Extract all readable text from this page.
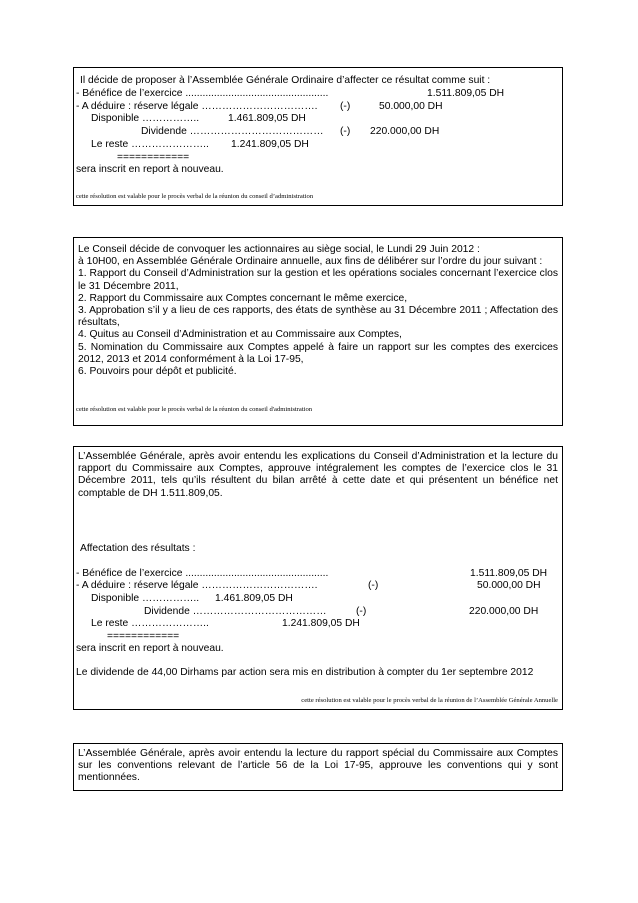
Il décide de proposer à l’Assemblée Générale Ordinaire d’affecter ce résultat comme suit :
- Bénéfice de l’exercice ..................................................	1.511.809,05 DH
- A déduire : réserve légale ……………………………. (-)	50.000,00 DH
Disponible ……………..	1.461.809,05 DH
Dividende ………………………………… (-) 220.000,00 DH
Le reste ………………….. 1.241.809,05 DH
============
sera inscrit en report à nouveau.
cette résolution est valable pour le procès verbal de la réunion du conseil d’administration
Le Conseil décide de convoquer les actionnaires au siège social, le Lundi 29 Juin 2012 :
à 10H00, en Assemblée Générale Ordinaire annuelle, aux fins de délibérer sur l’ordre du jour suivant :
1. Rapport du Conseil d’Administration sur la gestion et les opérations sociales concernant l’exercice clos le 31 Décembre 2011,
2. Rapport du Commissaire aux Comptes concernant le même exercice,
3. Approbation s’il y a lieu de ces rapports, des états de synthèse au 31 Décembre 2011 ; Affectation des résultats,
4. Quitus au Conseil d’Administration et au Commissaire aux Comptes,
5. Nomination du Commissaire aux Comptes appelé à faire un rapport sur les comptes des exercices 2012, 2013 et 2014 conformément à la Loi 17-95,
6. Pouvoirs pour dépôt et publicité.
cette résolution est valable pour le procès verbal de la réunion du conseil d'administration
L’Assemblée Générale, après avoir entendu les explications du Conseil d’Administration et la lecture du rapport du Commissaire aux Comptes, approuve intégralement les comptes de l’exercice clos le 31 Décembre 2011, tels qu’ils résultent du bilan arrêté à cette date et qui présentent un bénéfice net comptable de DH 1.511.809,05.
Affectation des résultats :
- Bénéfice de l’exercice ..................................................	1.511.809,05 DH
- A déduire : réserve légale …………………………….	(-)	50.000,00 DH
Disponible …………….. 1.461.809,05 DH
Dividende …………………………………	(-)	220.000,00 DH
Le reste …………………..	1.241.809,05 DH
============
sera inscrit en report à nouveau.
Le dividende de 44,00 Dirhams par action sera mis en distribution à compter du 1er septembre 2012
cette résolution est valable pour le procès verbal de la réunion de l’Assemblée Générale Annuelle
L’Assemblée Générale, après avoir entendu la lecture du rapport spécial du Commissaire aux Comptes sur les conventions relevant de l’article 56 de la Loi 17-95, approuve les conventions qui y sont mentionnées.
